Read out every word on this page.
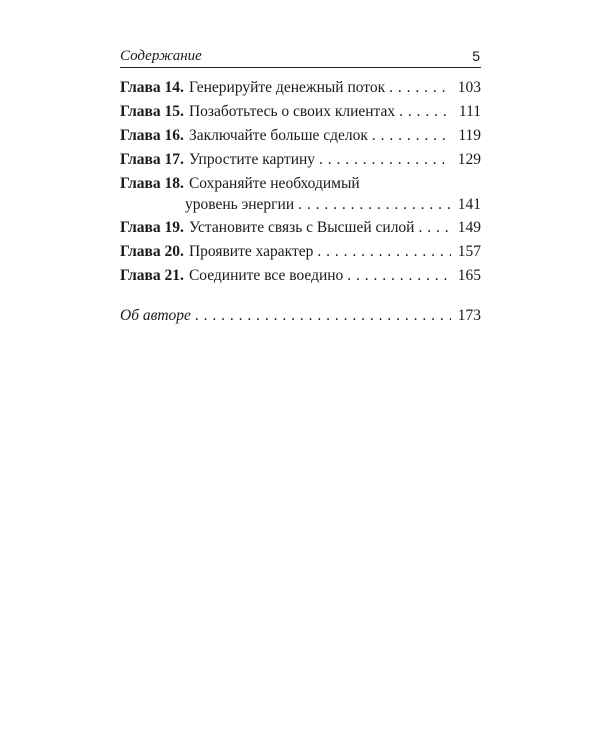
Содержание	5
Глава 14. Генерируйте денежный поток . . .	103
Глава 15. Позаботьтесь о своих клиентах . . .	111
Глава 16. Заключайте больше сделок . . .	119
Глава 17. Упростите картину . . .	129
Глава 18. Сохраняйте необходимый
уровень энергии . . .	141
Глава 19. Установите связь с Высшей силой . . .	149
Глава 20. Проявите характер . . .	157
Глава 21. Соедините все воедино . . .	165
Об авторе . . .	173
